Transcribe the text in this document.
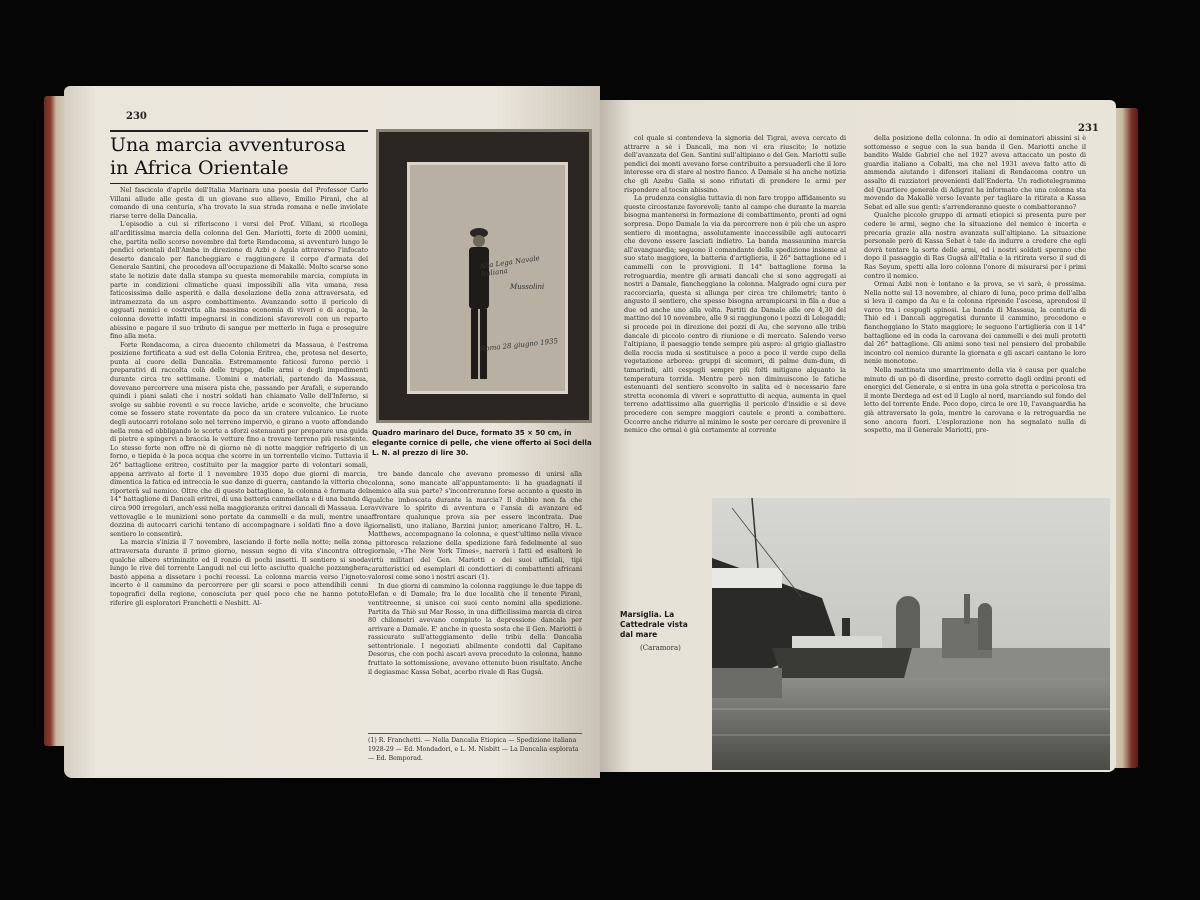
230
Una marcia avventurosa in Africa Orientale

Nel fascicolo d'aprile dell'Italia Marinara una poesia del Professor Carlo Villani allude alle gesta di un giovane suo allievo, Emilio Piranì, che al comando di una centuria, s'ha trovato la sua strada romana e nelle inviolate riarse terre della Dancalia.

L'episodio a cui si riferiscono i versi del Prof. Villani, si ricollega all'arditissima marcia della colonna del Gen. Mariotti, forte di 2000 uomini, che, partita nello scorso novembre dal forte Rendacoma, si avventurò lungo le pendici orientali dell'Amba in direzione di Azbi e Agula attraverso l'infocato deserto dancalo per fiancheggiare e raggiungere il corpo d'armata del Generale Santini, che procedeva all'occupazione di Makallè. Molto scarse sono state le notizie date dalla stampa su questa memorabile marcia, compiuta in parte in condizioni climatiche quasi impossibili alla vita umana, resa faticosissima dalle asperità e dalla desolazione della zona attraversata, ed intramezzata da un aspro combattimento. Avanzando sotto il pericolo di agguati nemici e costretta alla massima economia di viveri e di acqua, la colonna dovette infatti impegnarsi in condizioni sfavorevoli con un reparto abissino e pagare il suo tributo di sangue per metterlo in fuga e proseguire fino alla meta.

Forte Rendacoma, a circa duecento chilometri da Massaua, è l'estrema posizione fortificata a sud est della Colonia Eritrea, che, protesa nel deserto, punta al cuore della Dancalia. Estremamente faticosi furono perciò i preparativi di raccolta colà delle truppe, delle armi e degli impedimenti durante circa tre settimane. Uomini e materiali, partendo da Massaua, dovevano percorrere una misera pista che, passando per Arafali, e superando quindi i piani salati che i nostri soldati han chiamato Valle dell'Inferno, si svolge su sabbie roventi e su rocce laviche, aride e sconvolte, che bruciano come se fossero state roventate da poco da un cratere vulcanico. Le ruote degli autocarri rotolano solo nel terreno imperviò, e girano a vuoto affondando nella rena ed obbligando le scorte a sforzi estenuanti per preparare una guida di pietre e spingervi a braccia le vetture fino a trovare terreno più resistente. Lo stesso forte non offre nè di giorno nè di notte maggior refrigerio di un forno, e tiepida è la poca acqua che scorre in un torrentello vicino. Tuttavia il 26° battaglione eritreo, costituito per la maggior parte di volontari somali, appena arrivato al forte il 1 novembre 1935 dopo due giorni di marcia, dimentica la fatica ed intreccia le sue danze di guerra, cantando la vittoria che riporterà sul nemico. Oltre che di questo battaglione, la colonna è formata del 14° battaglione di Dancali eritrei, di una batteria cammellata e di una banda di circa 900 irregolari, anch'essi nella maggioranza eritrei dancali di Massaua. Le vettovaglie e le munizioni sono portate da cammelli e da muli, mentre una dozzina di autocarri carichi tentano di accompagnare i soldati fino a dove il sentiero lo consentirà.

La marcia s'inizia il 7 novembre, lasciando il forte nella notte; nella zona attraversata durante il primo giorno, nessun segno di vita s'incontra oltre qualche albero striminzito ed il ronzio di pochi insetti. Il sentiero si snoda lungo le rive del torrente Langudi nel cui letto asciutto qualche pozzanghera bastò appena a dissetare i pochi recessi. La colonna marcia verso l'ignoto: incerto è il cammino da percorrere per gli scarsi e poco attendibili cenni topografici della regione, conosciuta per quel poco che ne hanno potuto riferire gli esploratori Franchetti e Nesbitt. Al-

Alla Lega Navale Italiana
Mussolini
Roma 28 giugno 1935
Quadro marinaro del Duce, formato 35 × 50 cm, in elegante cornice di pelle, che viene offerto ai Soci della L. N. al prezzo di lire 30.

tre bande dancale che avevano promesso di unirsi alla colonna, sono mancate all'appuntamento: li ha guadagnati il nemico alla sua parte? s'incontreranno forse accanto a questo in qualche imboscata durante la marcia? Il dubbio non fa che ravvivare lo spirito di avventura e l'ansia di avanzare ed affrontare qualunque prova sia per essere incontrata. Due giornalisti, uno italiano, Barzini junior, americano l'altro, H. L. Matthews, accompagnano la colonna, e quest'ultimo nella vivace e pittoresca relazione della spedizione farà fedelmente al suo giornale, «The New York Times», narrerà i fatti ed esalterà le virtù militari del Gen. Mariotti e dei suoi ufficiali, tipi caratteristici ed esemplari di condottieri di combattenti africani valorosi come sono i nostri ascari (1).

In due giorni di cammino la colonna raggiunge le due tappe di Elefan e di Damale; fra le due località che il tenente Piranì, ventitreenne, si unisce coi suoi cento nomini alla spedizione. Partita da Thiò sul Mar Rosso, in una difficilissima marcia di circa 80 chilometri avevano compiuto la depressione dancala per arrivare a Damale. E' anche in questa sosta che il Gen. Mariotti è rassicurato sull'atteggiamento delle tribù della Dancalia settentrionale. I negoziati abilmente condotti dal Capitano Desorus, che con pochi ascari aveva preceduto la colonna, hanno fruttato la sottomissione, avevano ottenuto buon risultato. Anche il degiasmac Kassa Sebat, acerbo rivale di Ras Gugsà.

(1) R. Franchetti. — Nella Dancalia Etiopica — Spedizione italiana 1928-29 — Ed. Mondadori, e L. M. Nisbitt — La Dancalia esplorata — Ed. Bemporad.
231

col quale si contendeva la signoria del Tigrai, aveva cercato di attrarre a sè i Dancali, ma non vi era riuscito; le notizie dell'avanzata del Gen. Santini sull'altipiano e del Gen. Mariotti sulle pendici dei monti avevano forse contribuito a persuaderli che il loro interesse era di stare al nostro fianco. A Damale si ha anche notizia che gli Azebu Galla si sono rifiutati di prendere le armi per rispondere al tocsin abissino.

La prudenza consiglia tuttavia di non fare troppo affidamento su queste circostanze favorevoli; tanto al campo che durante la marcia bisogna mantenersi in formazione di combattimento, pronti ad ogni sorpresa. Dopo Damale la via da percorrere non è più che un aspro sentiero di montagna, assolutamente inaccessibile agli autocarri che devono essere lasciati indietro. La banda massaunina marcia all'avanguardia; seguono il comandante della spedizione insieme al suo stato maggiore, la batteria d'artiglieria, il 26° battaglione ed i cammelli con le provvigioni. Il 14° battaglione forma la retroguardia, mentre gli armati dancali che si sono aggregati ai nostri a Damale, fiancheggiano la colonna. Malgrado ogni cura per raccorciarla, questa si allunga per circa tre chilometri; tanto è angusto il sentiero, che spesso bisogna arrampicarsi in fila a due a due od anche uno alla volta. Partiti da Damale alle ore 4,30 del mattino del 10 novembre, alle 9 si raggiungono i pozzi di Lelegaddi; si procede poi in direzione dei pozzi di Au, che servono alle tribù dancale di piccolo centro di riunione e di mercato. Salendo verso l'altipiano, il paesaggio tende sempre più aspro: al grigio giallastro della roccia nuda si sostituisce a poco a poco il verde cupo della vegetazione arborea: gruppi di sicomori, di palme dum-dum, di tamarindi, alti cespugli sempre più folti mitigano alquanto la temperatura torrida. Mentre però non diminuiscono le fatiche estenuanti del sentiero sconvolto in salita ed è necessario fare stretta economia di viveri e soprattutto di acqua, aumenta in quel terreno adattissimo alla guerriglia il pericolo d'insidie e si deve procedere con sempre maggiori cautele e pronti a combattere. Occorre anche ridurre al minimo le soste per cercare di prevenire il nemico che ormai è già certamente al corrente

della posizione della colonna. In odio ai dominatori abissini si è sottomesso e segue con la sua banda il Gen. Mariotti anche il bandito Walde Gabriel che nel 1927 aveva attaccato un posto di guardia italiano a Cobalti, ma che nel 1931 aveva fatto atto di ammenda aiutando i difensori italiani di Rendacoma contro un assalto di razziatori provenienti dall'Enderta. Un radiotelegramma del Quartiere generale di Adigrat ha informato che una colonna sta movendo da Makallè verso levante per tagliare la ritirata a Kassa Sebat ed alle sue genti: s'arrenderanno queste o combatteranno?

Qualche piccolo gruppo di armati etiopici si presenta pure per cedere le armi, segno che la situazione del nemico è incerta e precaria grazie alla nostra avanzata sull'altipiano. La situazione personale però di Kassa Sebat è tale da indurre a credere che egli dovrà tentare la sorte delle armi, ed i nostri soldati sperano che dopo il passaggio di Ras Gugsà all'Italia e la ritirata verso il sud di Ras Seyum, spetti alla loro colonna l'onore di misurarsi per i primi contro il nemico.

Ormai Azbi non è lontano e la prova, se vi sarà, è prossima. Nella notte sul 13 novembre, al chiaro di luna, poco prima dell'alba si leva il campo da Au e la colonna riprende l'ascesa, aprendosi il varco tra i cespugli spinosi. La banda di Massaua, la centuria di Thiò ed i Dancali aggregatisi durante il cammino, precedono e fiancheggiano lo Stato maggiore; le seguono l'artiglieria con il 14° battaglione ed in coda la carovana dei cammelli e dei muli protetti dal 26° battaglione. Gli animi sono tesi nel pensiero del probabile incontro col nemico durante la giornata e gli ascari cantano le loro nenie monotone.

Nella mattinata uno smarrimento della via è causa per qualche minuto di un pò di disordine, presto corretto dagli ordini pronti ed energici del Generale, e si entra in una gola stretta e pericolosa tra il monte Derdega ad est ed il Luglo al nord, marciando sul fondo del letto del torrente Ende. Poco dopo, circa le ore 10, l'avanguardia ha già attraversato la gola, mentre la carovana e la retroguardia ne sono ancora fuori. L'esplorazione non ha segnalato nulla di sospetto, ma il Generale Mariotti, pre-

Marsiglia. La Cattedrale vista dal mare
(Caramora)
